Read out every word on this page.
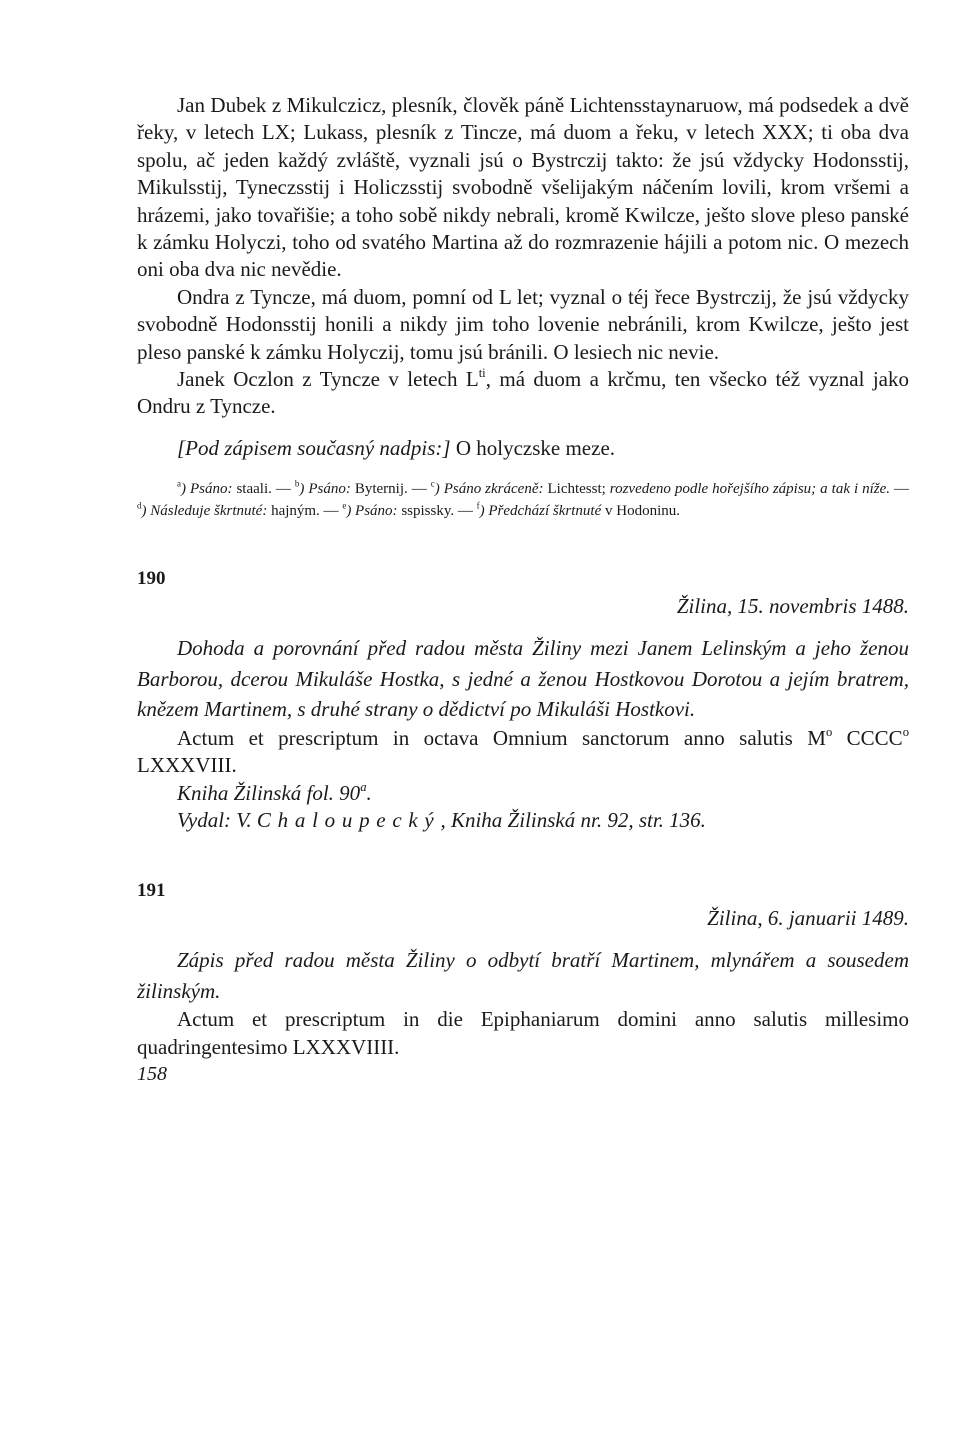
Jan Dubek z Mikulczicz, plesník, člověk páně Lichtensstaynaruow, má podsedek a dvě řeky, v letech LX; Lukass, plesník z Tincze, má duom a řeku, v letech XXX; ti oba dva spolu, ač jeden každý zvláště, vyznali jsú o Bystrczij takto: že jsú vždycky Hodonsstij, Mikulsstij, Tyneczsstij i Holiczsstij svobodně všelijakým náčením lovili, krom vršemi a hrázemi, jako tovařišie; a toho sobě nikdy nebrali, kromě Kwilcze, ješto slove pleso panské k zámku Holyczi, toho od svatého Martina až do rozmrazenie hájili a potom nic. O mezech oni oba dva nic nevědie.

Ondra z Tyncze, má duom, pomní od L let; vyznal o téj řece Bystrczij, že jsú vždycky svobodně Hodonsstij honili a nikdy jim toho lovenie nebránili, krom Kwilcze, ješto jest pleso panské k zámku Holyczij, tomu jsú bránili. O lesiech nic nevie.

Janek Oczlon z Tyncze v letech $L^{ti}$, má duom a krčmu, ten všecko též vyznal jako Ondru z Tyncze.

[Pod zápisem současný nadpis:] O holyczske meze.

$^a$) Psáno: staali. — $^b$) Psáno: Byternij. — $^c$) Psáno zkráceně: Lichtesst; rozvedeno podle hořejšího zápisu; a tak i níže. — $^d$) Následuje škrtnuté: hajným. — $^e$) Psáno: sspissky. — $^f$) Předchází škrtnuté v Hodoninu.

190

Žilina, 15. novembris 1488.

Dohoda a porovnání před radou města Žiliny mezi Janem Lelinským a jeho ženou Barborou, dcerou Mikuláše Hostka, s jedné a ženou Hostkovou Dorotou a jejím bratrem, knězem Martinem, s druhé strany o dědictví po Mikuláši Hostkovi.

Actum et prescriptum in octava Omnium sanctorum anno salutis $M^o$ CCCC$^o$ LXXXVIII.

Kniha Žilinská fol. 90$^a$.

Vydal: V. Chaloupecký, Kniha Žilinská nr. 92, str. 136.

191

Žilina, 6. januarii 1489.

Zápis před radou města Žiliny o odbytí bratří Martinem, mlynářem a sousedem žilinským.

Actum et prescriptum in die Epiphaniarum domini anno salutis millesimo quadringentesimo LXXXVIIII.

158
